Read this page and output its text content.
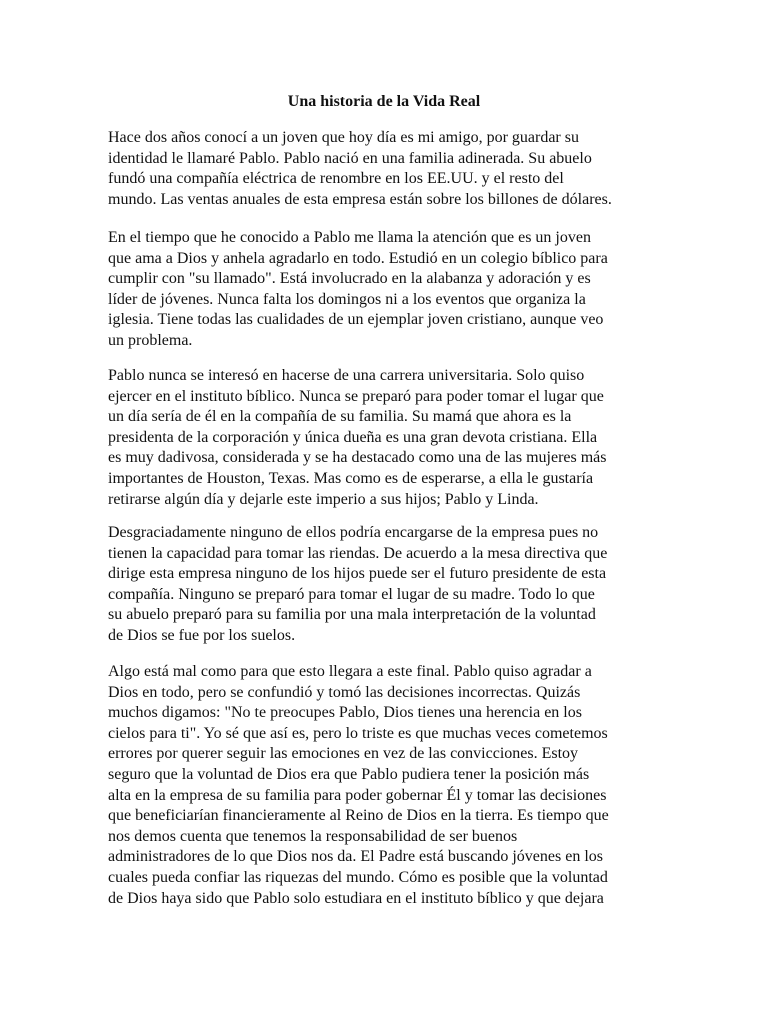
Una historia de la Vida Real

Hace dos años conocí a un joven que hoy día es mi amigo, por guardar su
identidad le llamaré Pablo. Pablo nació en una familia adinerada. Su abuelo
fundó una compañía eléctrica de renombre en los EE.UU. y el resto del
mundo. Las ventas anuales de esta empresa están sobre los billones de dólares.

En el tiempo que he conocido a Pablo me llama la atención que es un joven
que ama a Dios y anhela agradarlo en todo. Estudió en un colegio bíblico para
cumplir con "su llamado". Está involucrado en la alabanza y adoración y es
líder de jóvenes. Nunca falta los domingos ni a los eventos que organiza la
iglesia. Tiene todas las cualidades de un ejemplar joven cristiano, aunque veo
un problema.

Pablo nunca se interesó en hacerse de una carrera universitaria. Solo quiso
ejercer en el instituto bíblico. Nunca se preparó para poder tomar el lugar que
un día sería de él en la compañía de su familia. Su mamá que ahora es la
presidenta de la corporación y única dueña es una gran devota cristiana. Ella
es muy dadivosa, considerada y se ha destacado como una de las mujeres más
importantes de Houston, Texas. Mas como es de esperarse, a ella le gustaría
retirarse algún día y dejarle este imperio a sus hijos; Pablo y Linda.

Desgraciadamente ninguno de ellos podría encargarse de la empresa pues no
tienen la capacidad para tomar las riendas. De acuerdo a la mesa directiva que
dirige esta empresa ninguno de los hijos puede ser el futuro presidente de esta
compañía. Ninguno se preparó para tomar el lugar de su madre. Todo lo que
su abuelo preparó para su familia por una mala interpretación de la voluntad
de Dios se fue por los suelos.

Algo está mal como para que esto llegara a este final. Pablo quiso agradar a
Dios en todo, pero se confundió y tomó las decisiones incorrectas. Quizás
muchos digamos: "No te preocupes Pablo, Dios tienes una herencia en los
cielos para ti". Yo sé que así es, pero lo triste es que muchas veces cometemos
errores por querer seguir las emociones en vez de las convicciones. Estoy
seguro que la voluntad de Dios era que Pablo pudiera tener la posición más
alta en la empresa de su familia para poder gobernar Él y tomar las decisiones
que beneficiarían financieramente al Reino de Dios en la tierra. Es tiempo que
nos demos cuenta que tenemos la responsabilidad de ser buenos
administradores de lo que Dios nos da. El Padre está buscando jóvenes en los
cuales pueda confiar las riquezas del mundo. Cómo es posible que la voluntad
de Dios haya sido que Pablo solo estudiara en el instituto bíblico y que dejara
